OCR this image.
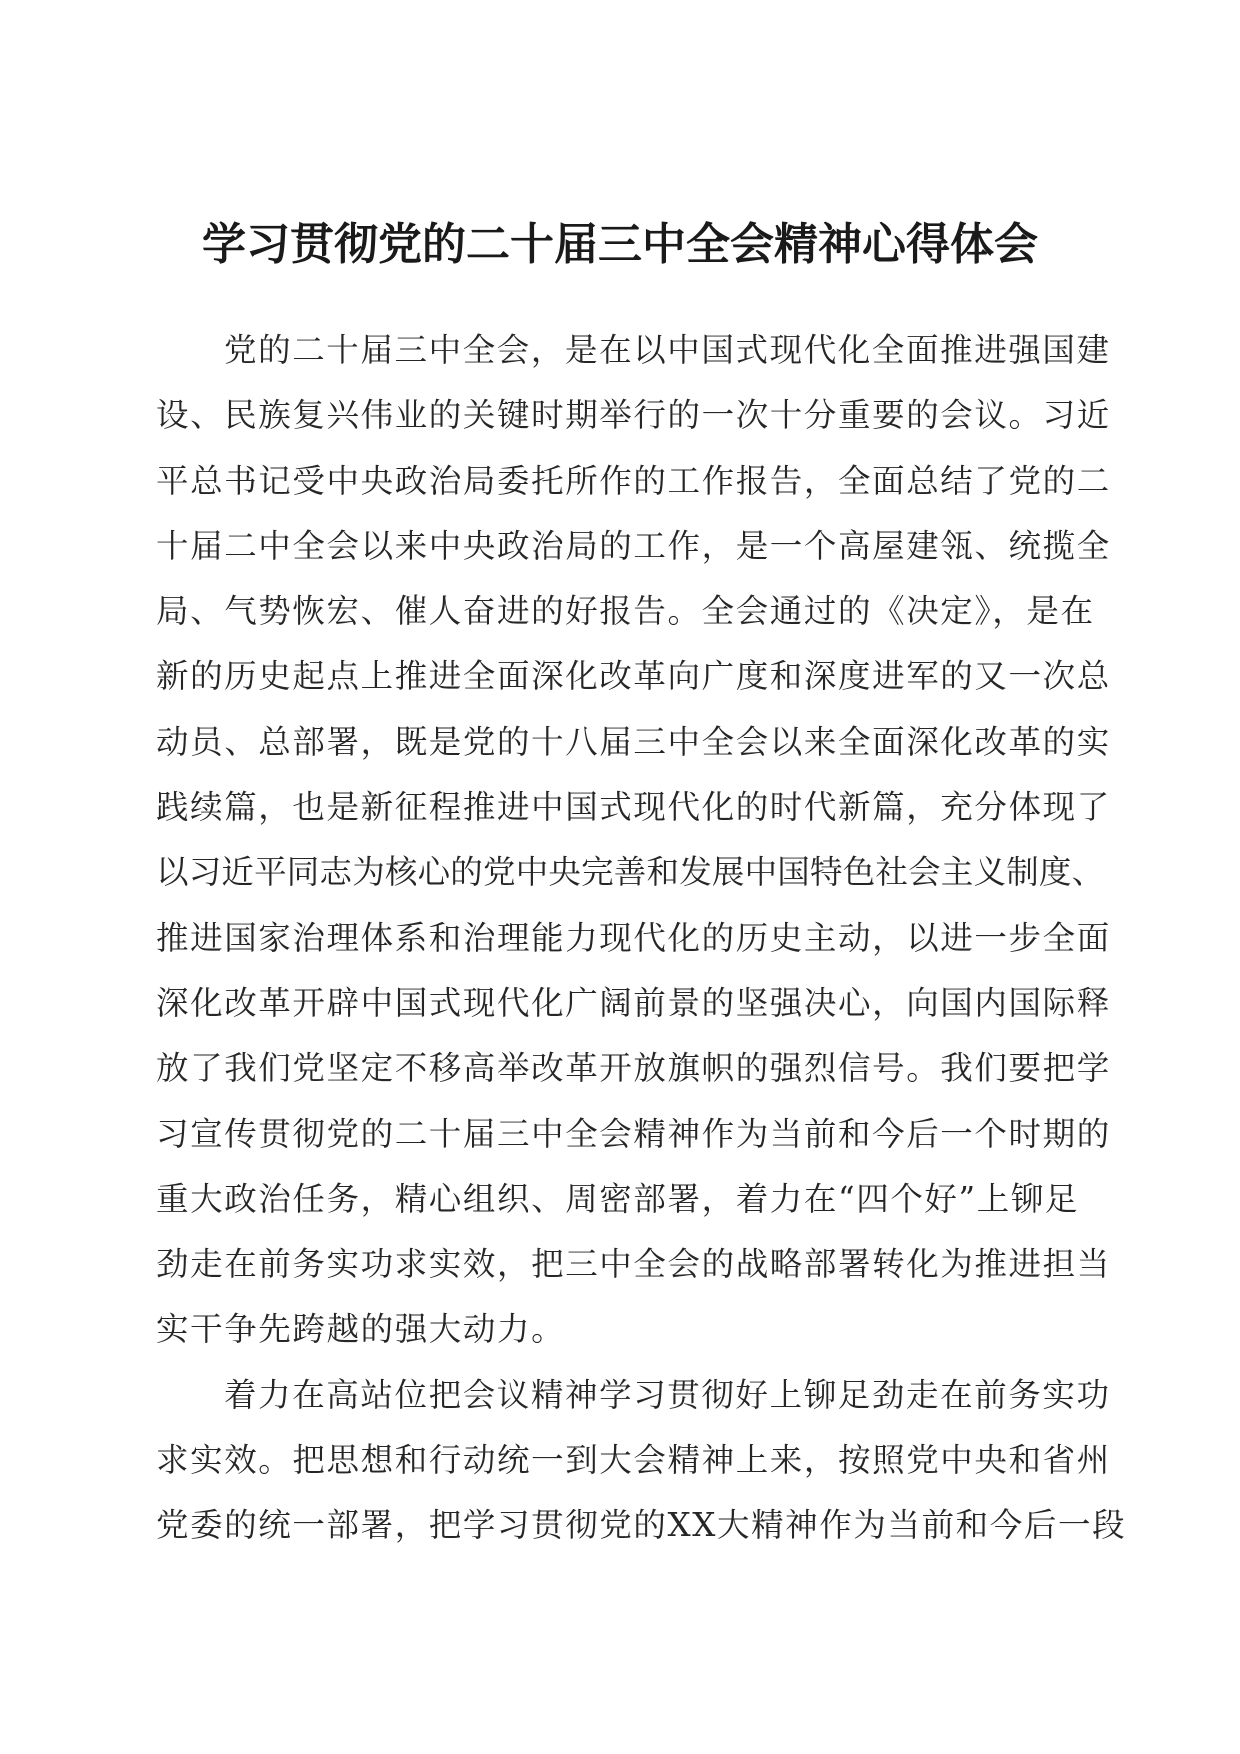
学习贯彻党的二十届三中全会精神心得体会
党的二十届三中全会，是在以中国式现代化全面推进强国建
设、民族复兴伟业的关键时期举行的一次十分重要的会议。习近
平总书记受中央政治局委托所作的工作报告，全面总结了党的二
十届二中全会以来中央政治局的工作，是一个高屋建瓴、统揽全
局、气势恢宏、催人奋进的好报告。全会通过的《决定》，是在
新的历史起点上推进全面深化改革向广度和深度进军的又一次总
动员、总部署，既是党的十八届三中全会以来全面深化改革的实
践续篇，也是新征程推进中国式现代化的时代新篇，充分体现了
以习近平同志为核心的党中央完善和发展中国特色社会主义制度、
推进国家治理体系和治理能力现代化的历史主动，以进一步全面
深化改革开辟中国式现代化广阔前景的坚强决心，向国内国际释
放了我们党坚定不移高举改革开放旗帜的强烈信号。我们要把学
习宣传贯彻党的二十届三中全会精神作为当前和今后一个时期的
重大政治任务，精心组织、周密部署，着力在“四个好”上铆足
劲走在前务实功求实效，把三中全会的战略部署转化为推进担当
实干争先跨越的强大动力。
着力在高站位把会议精神学习贯彻好上铆足劲走在前务实功
求实效。把思想和行动统一到大会精神上来，按照党中央和省州
党委的统一部署，把学习贯彻党的XX大精神作为当前和今后一段
